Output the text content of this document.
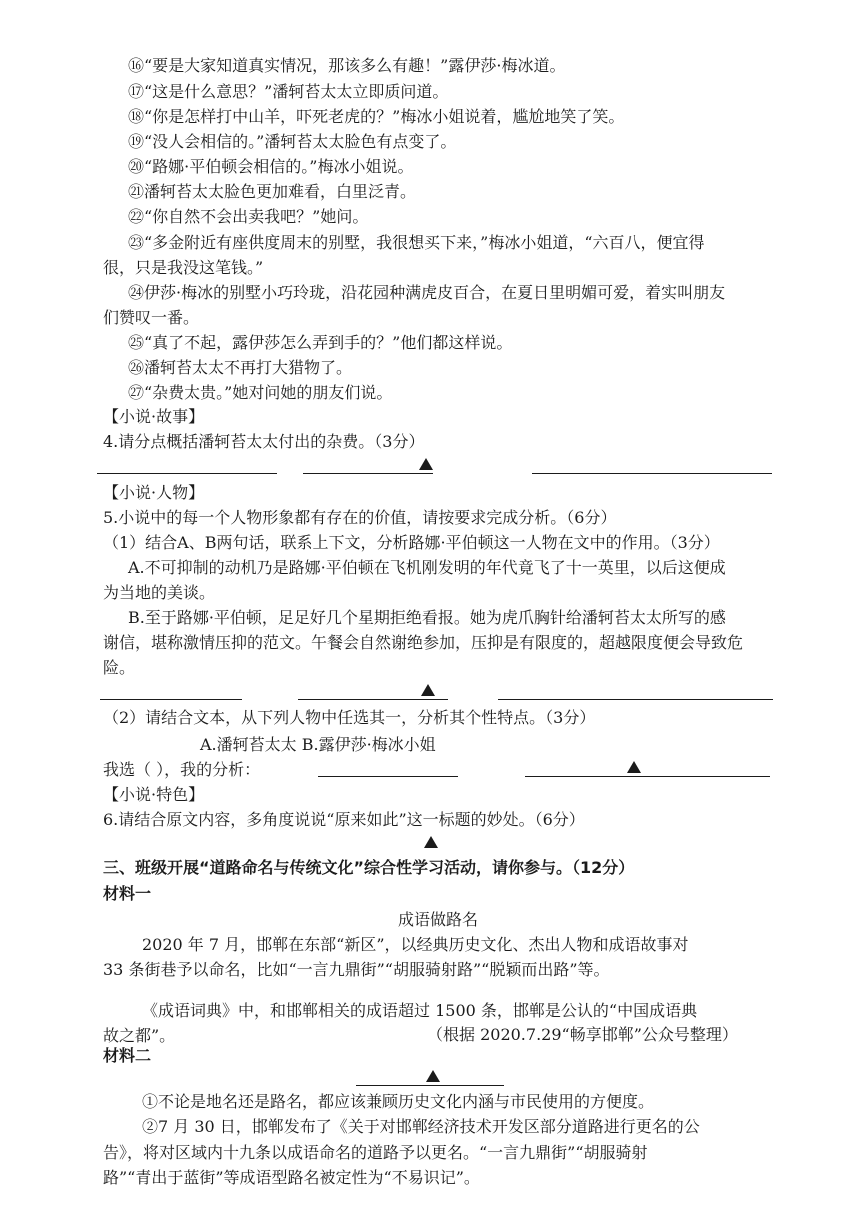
⑯“要是大家知道真实情况，那该多么有趣！”露伊莎·梅冰道。
⑰“这是什么意思？”潘轲苔太太立即质问道。
⑱“你是怎样打中山羊，吓死老虎的？”梅冰小姐说着，尴尬地笑了笑。
⑲“没人会相信的。”潘轲苔太太脸色有点变了。
⑳“路娜·平伯顿会相信的。”梅冰小姐说。
㉑潘轲苔太太脸色更加难看，白里泛青。
㉒“你自然不会出卖我吧？”她问。
㉓“多金附近有座供度周末的别墅，我很想买下来，”梅冰小姐道，“六百八，便宜得
很，只是我没这笔钱。”
㉔伊莎·梅冰的别墅小巧玲珑，沿花园种满虎皮百合，在夏日里明媚可爱，着实叫朋友
们赞叹一番。
㉕“真了不起，露伊莎怎么弄到手的？”他们都这样说。
㉖潘轲苔太太不再打大猎物了。
㉗“杂费太贵。”她对问她的朋友们说。
【小说·故事】
4.请分点概括潘轲苔太太付出的杂费。（3分）
【小说·人物】
5.小说中的每一个人物形象都有存在的价值，请按要求完成分析。（6分）
（1）结合A、B两句话，联系上下文，分析路娜·平伯顿这一人物在文中的作用。（3分）
A.不可抑制的动机乃是路娜·平伯顿在飞机刚发明的年代竟飞了十一英里，以后这便成
为当地的美谈。
B.至于路娜·平伯顿，足足好几个星期拒绝看报。她为虎爪胸针给潘轲苔太太所写的感
谢信，堪称激情压抑的范文。午餐会自然谢绝参加，压抑是有限度的，超越限度便会导致危
险。
（2）请结合文本，从下列人物中任选其一，分析其个性特点。（3分）
A.潘轲苔太太 B.露伊莎·梅冰小姐
我选（ ），我的分析：
【小说·特色】
6.请结合原文内容，多角度说说“原来如此”这一标题的妙处。（6分）
三、班级开展“道路命名与传统文化”综合性学习活动，请你参与。（12分）
材料一
成语做路名
2020 年 7 月，邯郸在东部“新区”，以经典历史文化、杰出人物和成语故事对
33 条街巷予以命名，比如“一言九鼎街”“胡服骑射路”“脱颖而出路”等。
《成语词典》中，和邯郸相关的成语超过 1500 条，邯郸是公认的“中国成语典
故之都”。	（根据 2020.7.29“畅享邯郸”公众号整理）
材料二
①不论是地名还是路名，都应该兼顾历史文化内涵与市民使用的方便度。
②7 月 30 日，邯郸发布了《关于对邯郸经济技术开发区部分道路进行更名的公
告》，将对区域内十九条以成语命名的道路予以更名。“一言九鼎街”“胡服骑射
路”“青出于蓝街”等成语型路名被定性为“不易识记”。
